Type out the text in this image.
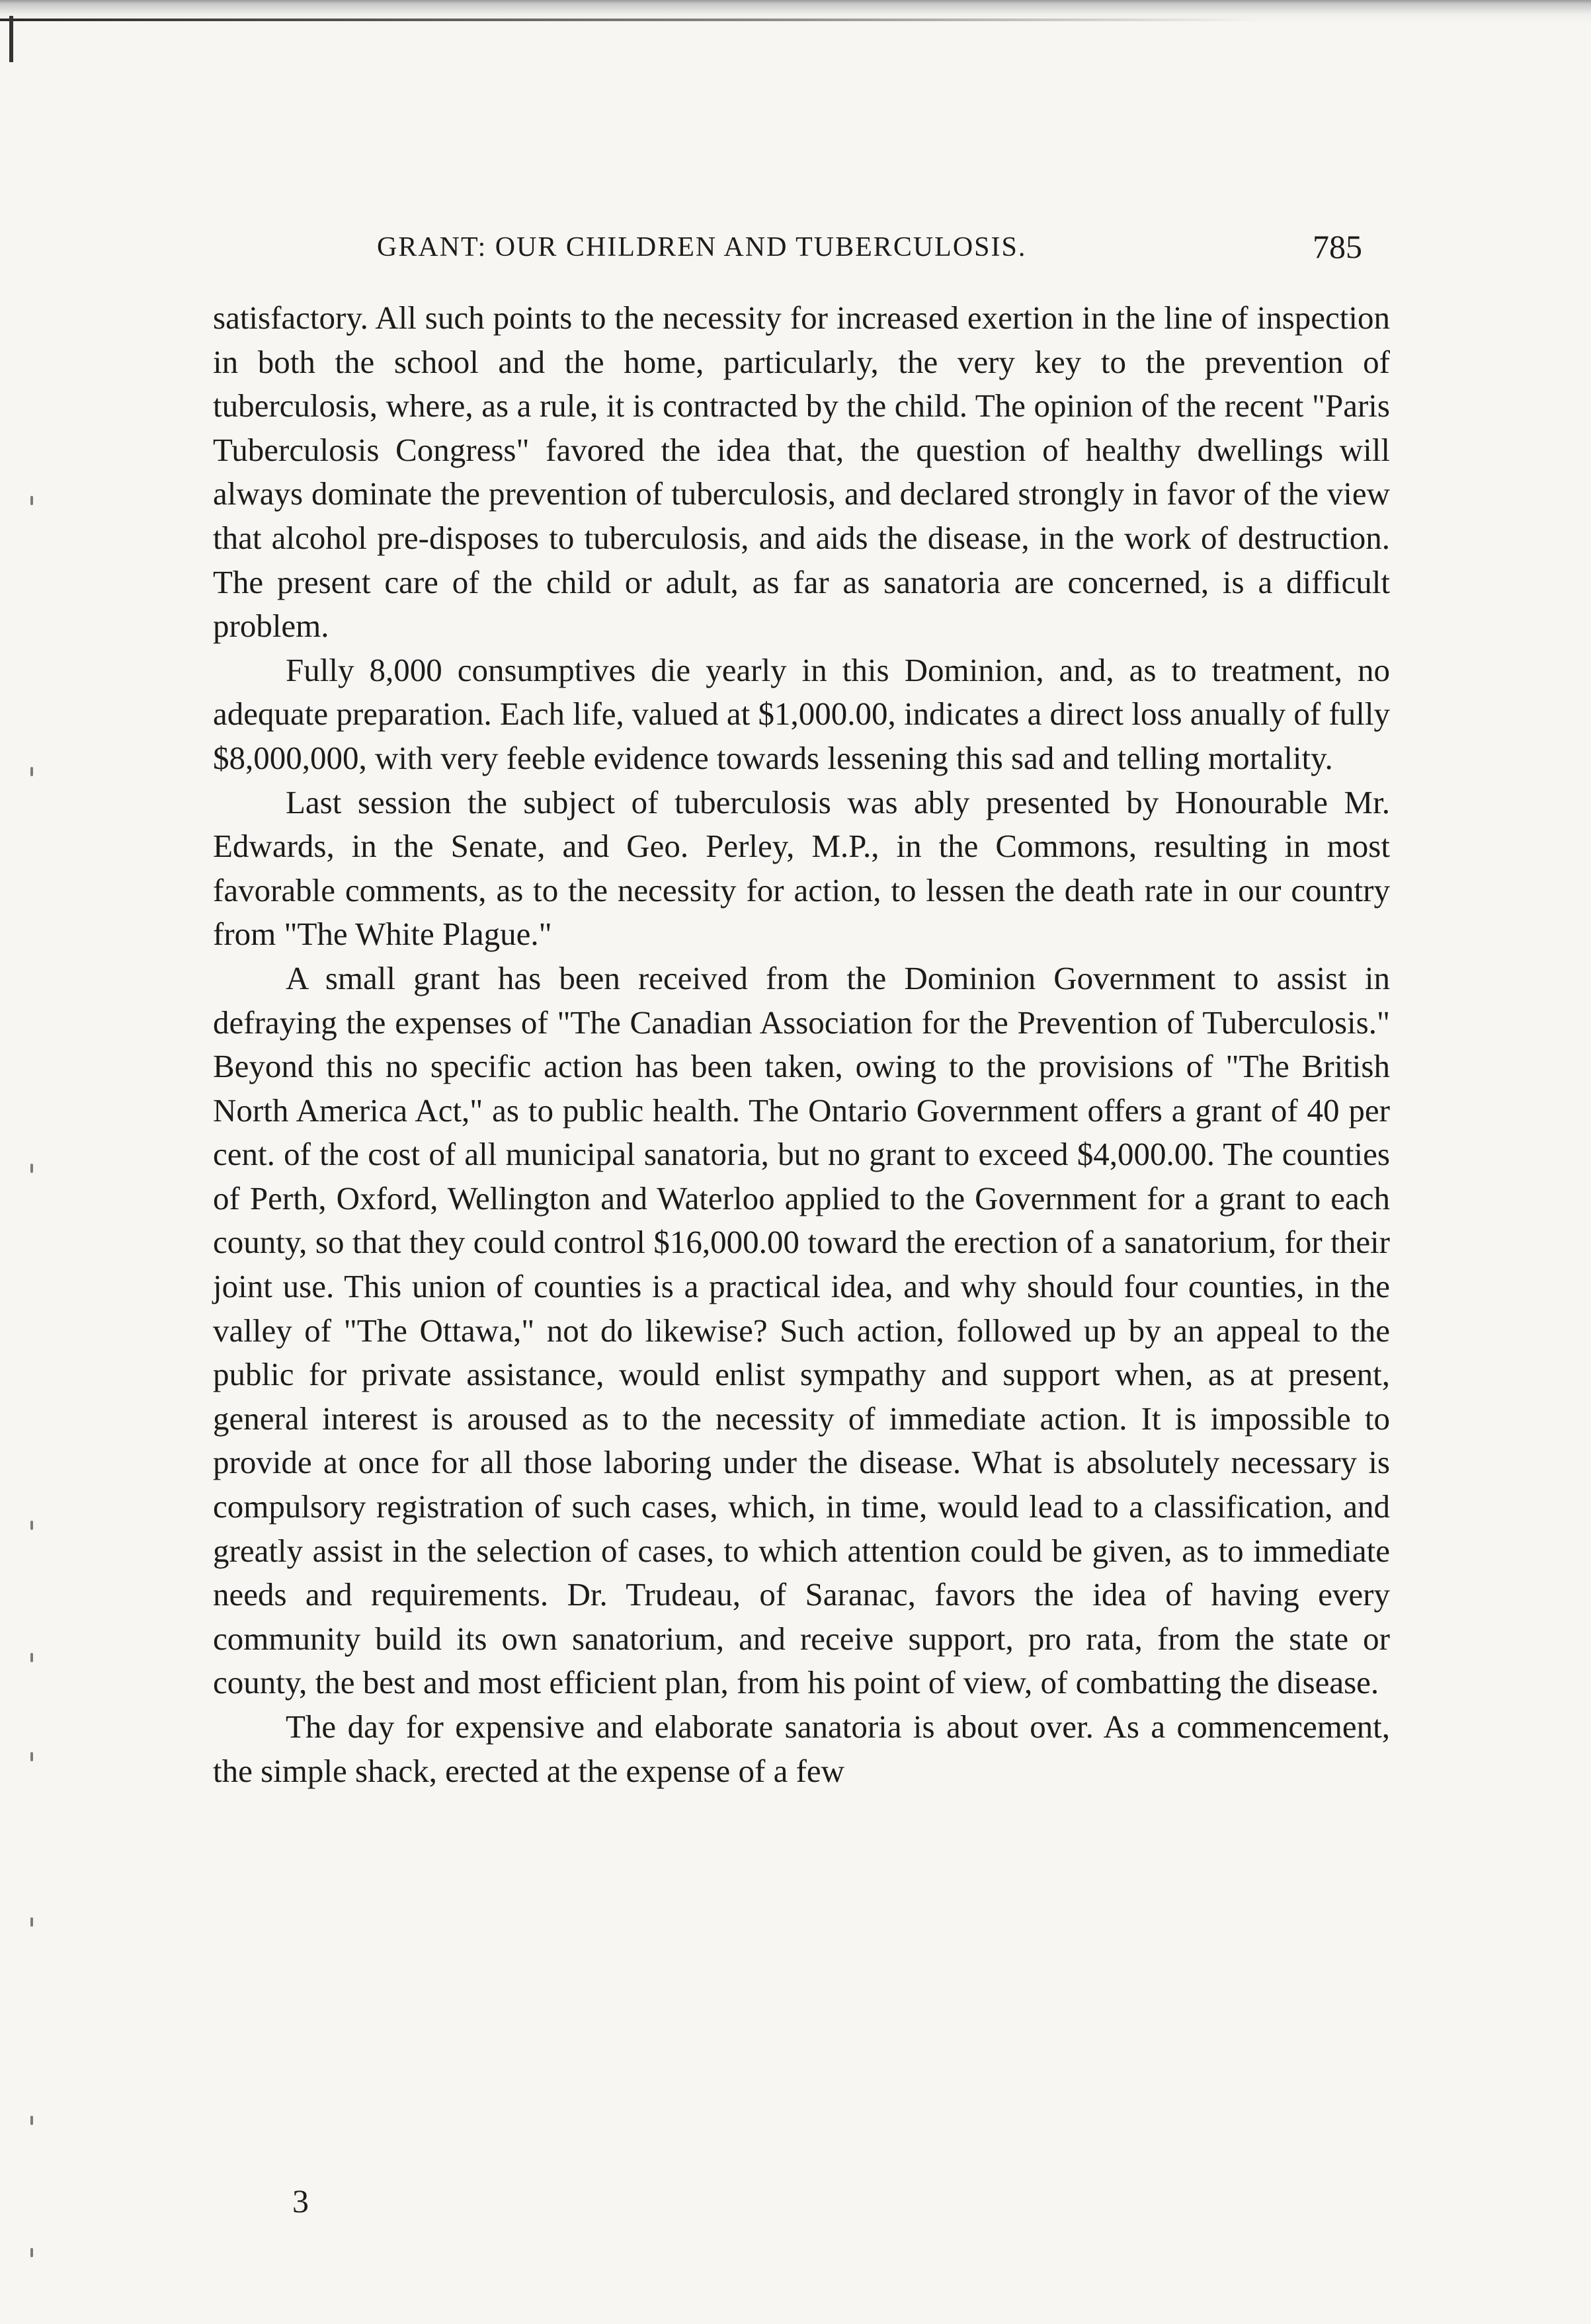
GRANT: OUR CHILDREN AND TUBERCULOSIS.	785

satisfactory. All such points to the necessity for increased exertion in the line of inspection in both the school and the home, particularly, the very key to the prevention of tuberculosis, where, as a rule, it is contracted by the child. The opinion of the recent "Paris Tuberculosis Congress" favored the idea that, the question of healthy dwellings will always dominate the prevention of tuberculosis, and declared strongly in favor of the view that alcohol pre-disposes to tuberculosis, and aids the disease, in the work of destruction. The present care of the child or adult, as far as sanatoria are concerned, is a difficult problem.

Fully 8,000 consumptives die yearly in this Dominion, and, as to treatment, no adequate preparation. Each life, valued at $1,000.00, indicates a direct loss anually of fully $8,000,000, with very feeble evidence towards lessening this sad and telling mortality.

Last session the subject of tuberculosis was ably presented by Honourable Mr. Edwards, in the Senate, and Geo. Perley, M.P., in the Commons, resulting in most favorable comments, as to the necessity for action, to lessen the death rate in our country from "The White Plague."

A small grant has been received from the Dominion Government to assist in defraying the expenses of "The Canadian Association for the Prevention of Tuberculosis." Beyond this no specific action has been taken, owing to the provisions of "The British North America Act," as to public health. The Ontario Government offers a grant of 40 per cent. of the cost of all municipal sanatoria, but no grant to exceed $4,000.00. The counties of Perth, Oxford, Wellington and Waterloo applied to the Government for a grant to each county, so that they could control $16,000.00 toward the erection of a sanatorium, for their joint use. This union of counties is a practical idea, and why should four counties, in the valley of "The Ottawa," not do likewise? Such action, followed up by an appeal to the public for private assistance, would enlist sympathy and support when, as at present, general interest is aroused as to the necessity of immediate action. It is impossible to provide at once for all those laboring under the disease. What is absolutely necessary is compulsory registration of such cases, which, in time, would lead to a classification, and greatly assist in the selection of cases, to which attention could be given, as to immediate needs and requirements. Dr. Trudeau, of Saranac, favors the idea of having every community build its own sanatorium, and receive support, pro rata, from the state or county, the best and most efficient plan, from his point of view, of combatting the disease.

The day for expensive and elaborate sanatoria is about over. As a commencement, the simple shack, erected at the expense of a few

3
